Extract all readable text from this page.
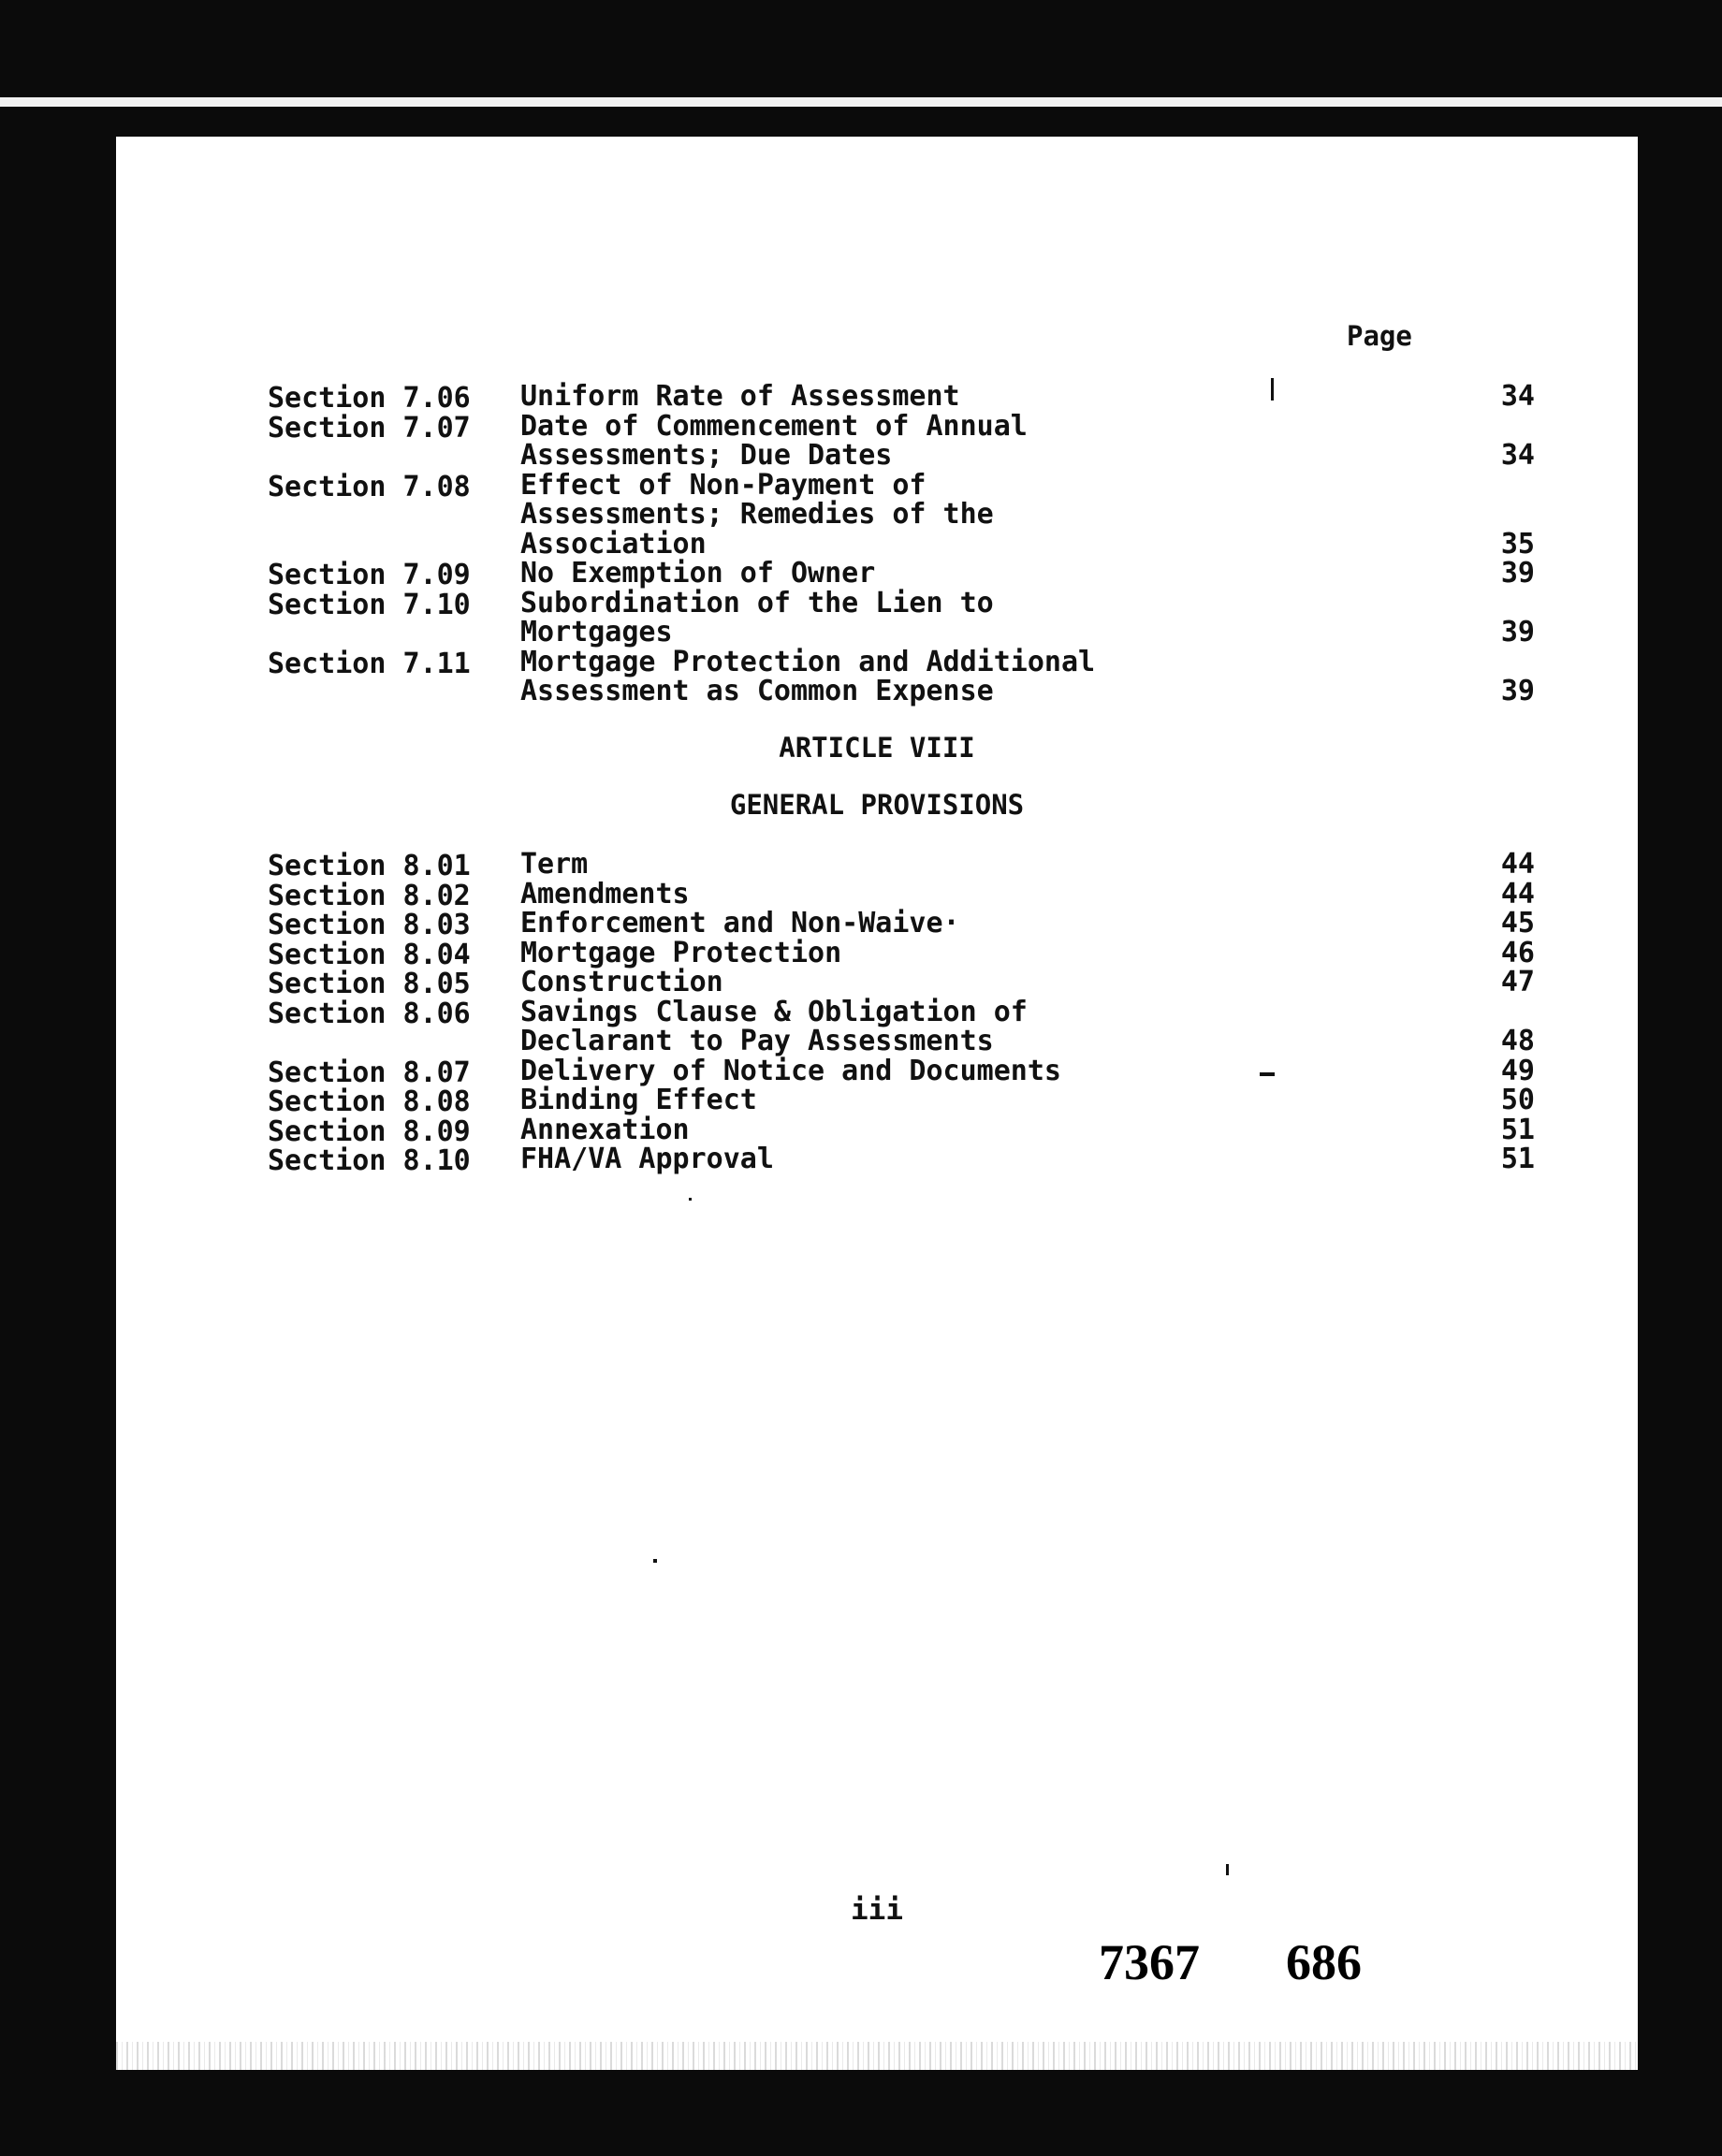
Page
Section 7.06 Uniform Rate of Assessment	34
Section 7.07 Date of Commencement of Annual
Assessments; Due Dates	34
Section 7.08 Effect of Non-Payment of
Assessments; Remedies of the
Association	35
Section 7.09 No Exemption of Owner	39
Section 7.10 Subordination of the Lien to
Mortgages	39
Section 7.11 Mortgage Protection and Additional
Assessment as Common Expense	39
ARTICLE VIII
GENERAL PROVISIONS
Section 8.01 Term	44
Section 8.02 Amendments	44
Section 8.03 Enforcement and Non-Waive·	45
Section 8.04 Mortgage Protection	46
Section 8.05 Construction	47
Section 8.06 Savings Clause & Obligation of
Declarant to Pay Assessments	48
Section 8.07 Delivery of Notice and Documents	49
Section 8.08 Binding Effect	50
Section 8.09 Annexation	51
Section 8.10 FHA/VA Approval	51
iii
7367 686
